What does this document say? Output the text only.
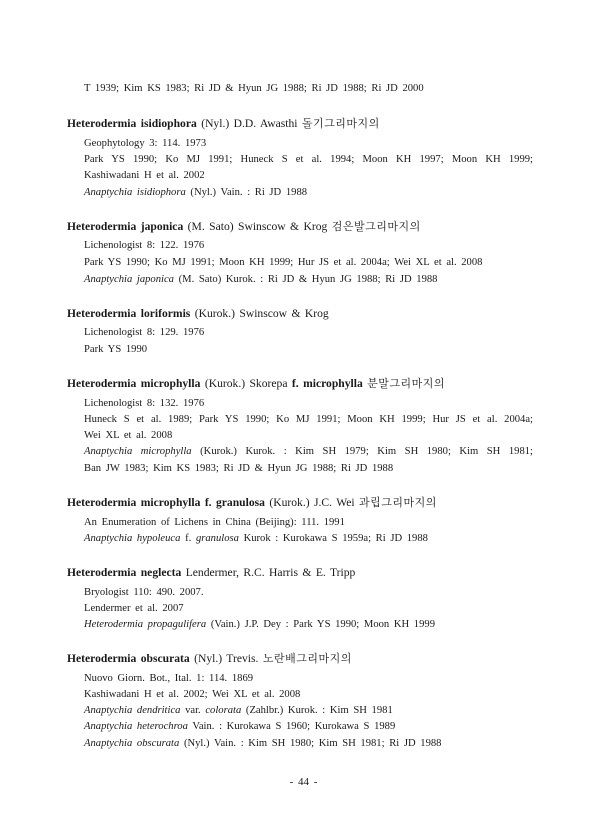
T 1939; Kim KS 1983; Ri JD & Hyun JG 1988; Ri JD 1988; Ri JD 2000
Heterodermia isidiophora (Nyl.) D.D. Awasthi 돌기그리마지의
Geophytology 3: 114. 1973
Park YS 1990; Ko MJ 1991; Huneck S et al. 1994; Moon KH 1997; Moon KH 1999;
Kashiwadani H et al. 2002
Anaptychia isidiophora (Nyl.) Vain. : Ri JD 1988
Heterodermia japonica (M. Sato) Swinscow & Krog 검은발그리마지의
Lichenologist 8: 122. 1976
Park YS 1990; Ko MJ 1991; Moon KH 1999; Hur JS et al. 2004a; Wei XL et al. 2008
Anaptychia japonica (M. Sato) Kurok. : Ri JD & Hyun JG 1988; Ri JD 1988
Heterodermia loriformis (Kurok.) Swinscow & Krog
Lichenologist 8: 129. 1976
Park YS 1990
Heterodermia microphylla (Kurok.) Skorepa f. microphylla 분말그리마지의
Lichenologist 8: 132. 1976
Huneck S et al. 1989; Park YS 1990; Ko MJ 1991; Moon KH 1999; Hur JS et al. 2004a;
Wei XL et al. 2008
Anaptychia microphylla (Kurok.) Kurok. : Kim SH 1979; Kim SH 1980; Kim SH 1981;
Ban JW 1983; Kim KS 1983; Ri JD & Hyun JG 1988; Ri JD 1988
Heterodermia microphylla f. granulosa (Kurok.) J.C. Wei 과립그리마지의
An Enumeration of Lichens in China (Beijing): 111. 1991
Anaptychia hypoleuca f. granulosa Kurok : Kurokawa S 1959a; Ri JD 1988
Heterodermia neglecta Lendermer, R.C. Harris & E. Tripp
Bryologist 110: 490. 2007.
Lendermer et al. 2007
Heterodermia propagulifera (Vain.) J.P. Dey : Park YS 1990; Moon KH 1999
Heterodermia obscurata (Nyl.) Trevis. 노란배그리마지의
Nuovo Giorn. Bot., Ital. 1: 114. 1869
Kashiwadani H et al. 2002; Wei XL et al. 2008
Anaptychia dendritica var. colorata (Zahlbr.) Kurok. : Kim SH 1981
Anaptychia heterochroa Vain. : Kurokawa S 1960; Kurokawa S 1989
Anaptychia obscurata (Nyl.) Vain. : Kim SH 1980; Kim SH 1981; Ri JD 1988
- 44 -
